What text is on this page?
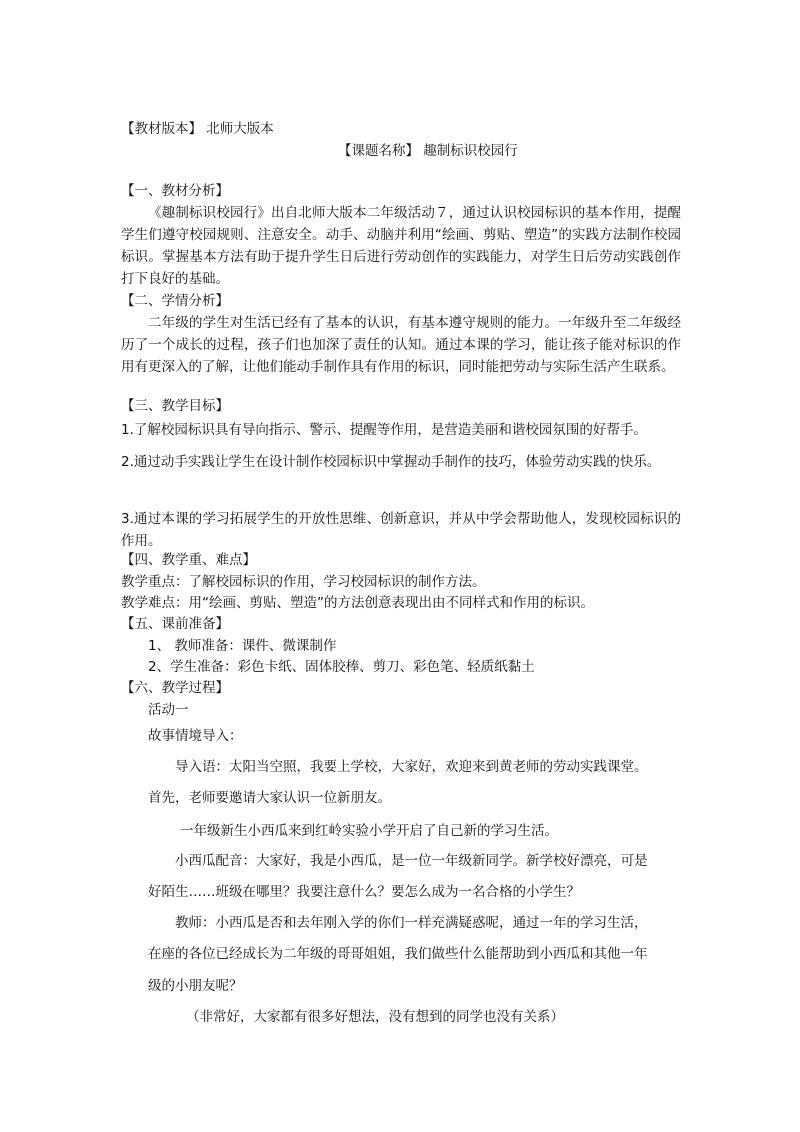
【教材版本】 北师大版本
【课题名称】 趣制标识校园行
【一、教材分析】
《趣制标识校园行》出自北师大版本二年级活动７，通过认识校园标识的基本作用，提醒学生们遵守校园规则、注意安全。动手、动脑并利用“绘画、剪贴、塑造”的实践方法制作校园标识。掌握基本方法有助于提升学生日后进行劳动创作的实践能力，对学生日后劳动实践创作打下良好的基础。
【二、学情分析】
二年级的学生对生活已经有了基本的认识，有基本遵守规则的能力。一年级升至二年级经历了一个成长的过程，孩子们也加深了责任的认知。通过本课的学习，能让孩子能对标识的作用有更深入的了解，让他们能动手制作具有作用的标识，同时能把劳动与实际生活产生联系。
【三、教学目标】
1.了解校园标识具有导向指示、警示、提醒等作用，是营造美丽和谐校园氛围的好帮手。
2.通过动手实践让学生在设计制作校园标识中掌握动手制作的技巧，体验劳动实践的快乐。
3.通过本课的学习拓展学生的开放性思维、创新意识，并从中学会帮助他人，发现校园标识的作用。
【四、教学重、难点】
教学重点：了解校园标识的作用，学习校园标识的制作方法。
教学难点：用“绘画、剪贴、塑造”的方法创意表现出由不同样式和作用的标识。
【五、课前准备】
1、 教师准备：课件、微课制作
2、学生准备：彩色卡纸、固体胶棒、剪刀、彩色笔、轻质纸黏土
【六、教学过程】
活动一
故事情境导入：
导入语：太阳当空照，我要上学校，大家好，欢迎来到黄老师的劳动实践课堂。
首先，老师要邀请大家认识一位新朋友。
一年级新生小西瓜来到红岭实验小学开启了自己新的学习生活。
小西瓜配音：大家好，我是小西瓜，是一位一年级新同学。新学校好漂亮，可是
好陌生……班级在哪里？我要注意什么？要怎么成为一名合格的小学生？
教师：小西瓜是否和去年刚入学的你们一样充满疑惑呢，通过一年的学习生活，
在座的各位已经成长为二年级的哥哥姐姐，我们做些什么能帮助到小西瓜和其他一年
级的小朋友呢？
（非常好，大家都有很多好想法，没有想到的同学也没有关系）
